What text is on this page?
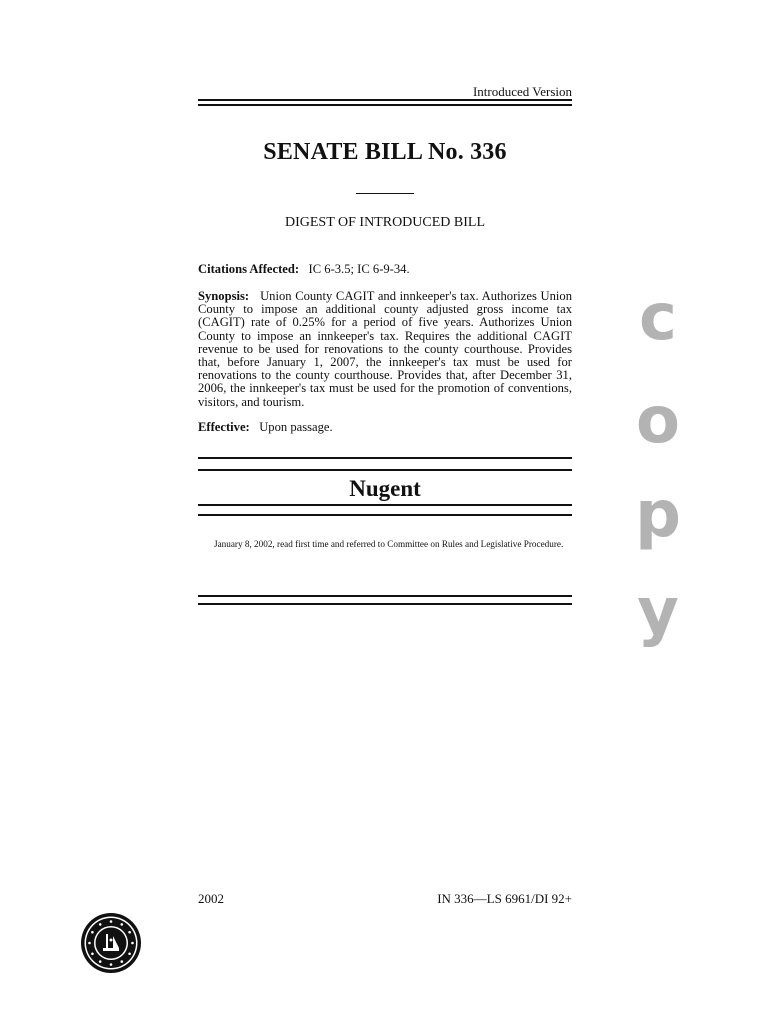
Introduced Version
SENATE BILL No. 336
DIGEST OF INTRODUCED BILL

Citations Affected: IC 6-3.5; IC 6-9-34.

Synopsis: Union County CAGIT and innkeeper's tax. Authorizes Union County to impose an additional county adjusted gross income tax (CAGIT) rate of 0.25% for a period of five years. Authorizes Union County to impose an innkeeper's tax. Requires the additional CAGIT revenue to be used for renovations to the county courthouse. Provides that, before January 1, 2007, the innkeeper's tax must be used for renovations to the county courthouse. Provides that, after December 31, 2006, the innkeeper's tax must be used for the promotion of conventions, visitors, and tourism.

Effective: Upon passage.

Nugent

January 8, 2002, read first time and referred to Committee on Rules and Legislative Procedure.

2002	IN 336—LS 6961/DI 92+
c
o
p
y
